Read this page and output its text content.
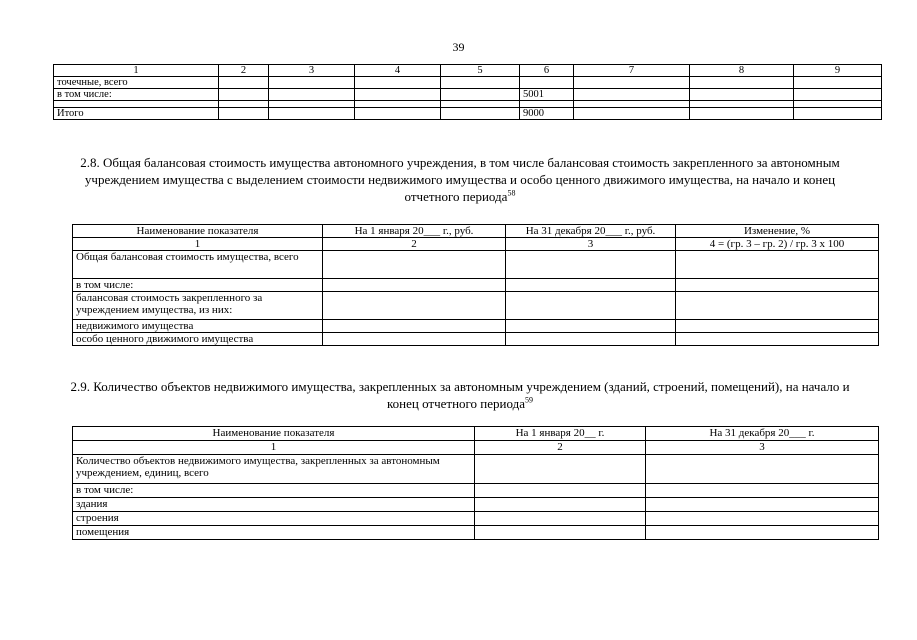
39
1	2	3	4	5	6	7	8	9
точечные, всего								
в том числе:					5001			

Итого					9000			
2.8. Общая балансовая стоимость имущества автономного учреждения, в том числе балансовая стоимость закрепленного за автономным учреждением имущества с выделением стоимости недвижимого имущества и особо ценного движимого имущества, на начало и конец отчетного периода$^{58}$
Наименование показателя	На 1 января 20___ г., руб.	На 31 декабря 20___ г., руб.	Изменение, %
1	2	3	4 = (гр. 3 – гр. 2) / гр. 3 х 100
Общая балансовая стоимость имущества, всего			
в том числе:			
балансовая стоимость закрепленного за учреждением имущества, из них:			
недвижимого имущества			
особо ценного движимого имущества			
2.9. Количество объектов недвижимого имущества, закрепленных за автономным учреждением (зданий, строений, помещений), на начало и конец отчетного периода$^{59}$
Наименование показателя	На 1 января 20__ г.	На 31 декабря 20___ г.
1	2	3
Количество объектов недвижимого имущества, закрепленных за автономным учреждением, единиц, всего		
в том числе:		
здания		
строения		
помещения		
